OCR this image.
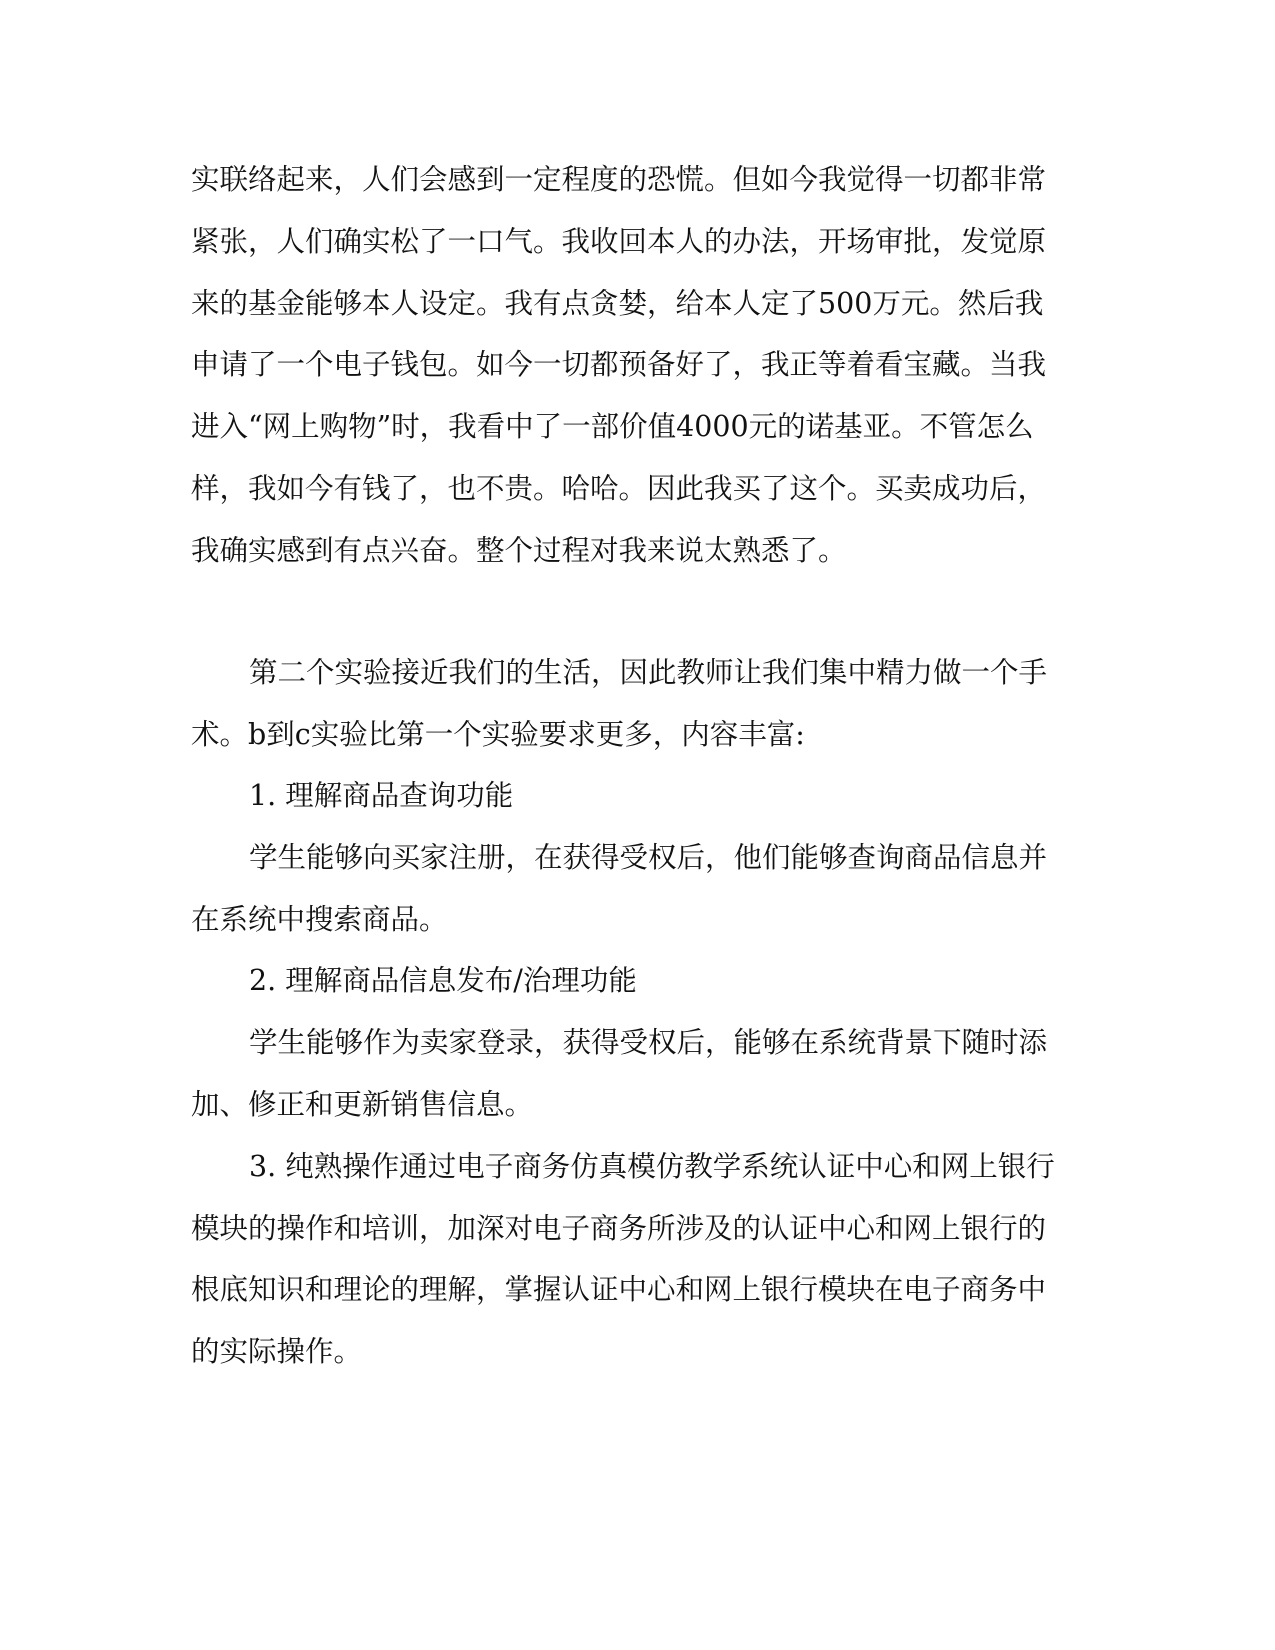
实联络起来，人们会感到一定程度的恐慌。但如今我觉得一切都非常

紧张，人们确实松了一口气。我收回本人的办法，开场审批，发觉原

来的基金能够本人设定。我有点贪婪，给本人定了500万元。然后我

申请了一个电子钱包。如今一切都预备好了，我正等着看宝藏。当我

进入“网上购物”时，我看中了一部价值4000元的诺基亚。不管怎么

样，我如今有钱了，也不贵。哈哈。因此我买了这个。买卖成功后，

我确实感到有点兴奋。整个过程对我来说太熟悉了。

第二个实验接近我们的生活，因此教师让我们集中精力做一个手

术。b到c实验比第一个实验要求更多，内容丰富:

1. 理解商品查询功能

学生能够向买家注册，在获得受权后，他们能够查询商品信息并

在系统中搜索商品。

2. 理解商品信息发布/治理功能

学生能够作为卖家登录，获得受权后，能够在系统背景下随时添

加、修正和更新销售信息。

3. 纯熟操作通过电子商务仿真模仿教学系统认证中心和网上银行

模块的操作和培训，加深对电子商务所涉及的认证中心和网上银行的

根底知识和理论的理解，掌握认证中心和网上银行模块在电子商务中

的实际操作。
